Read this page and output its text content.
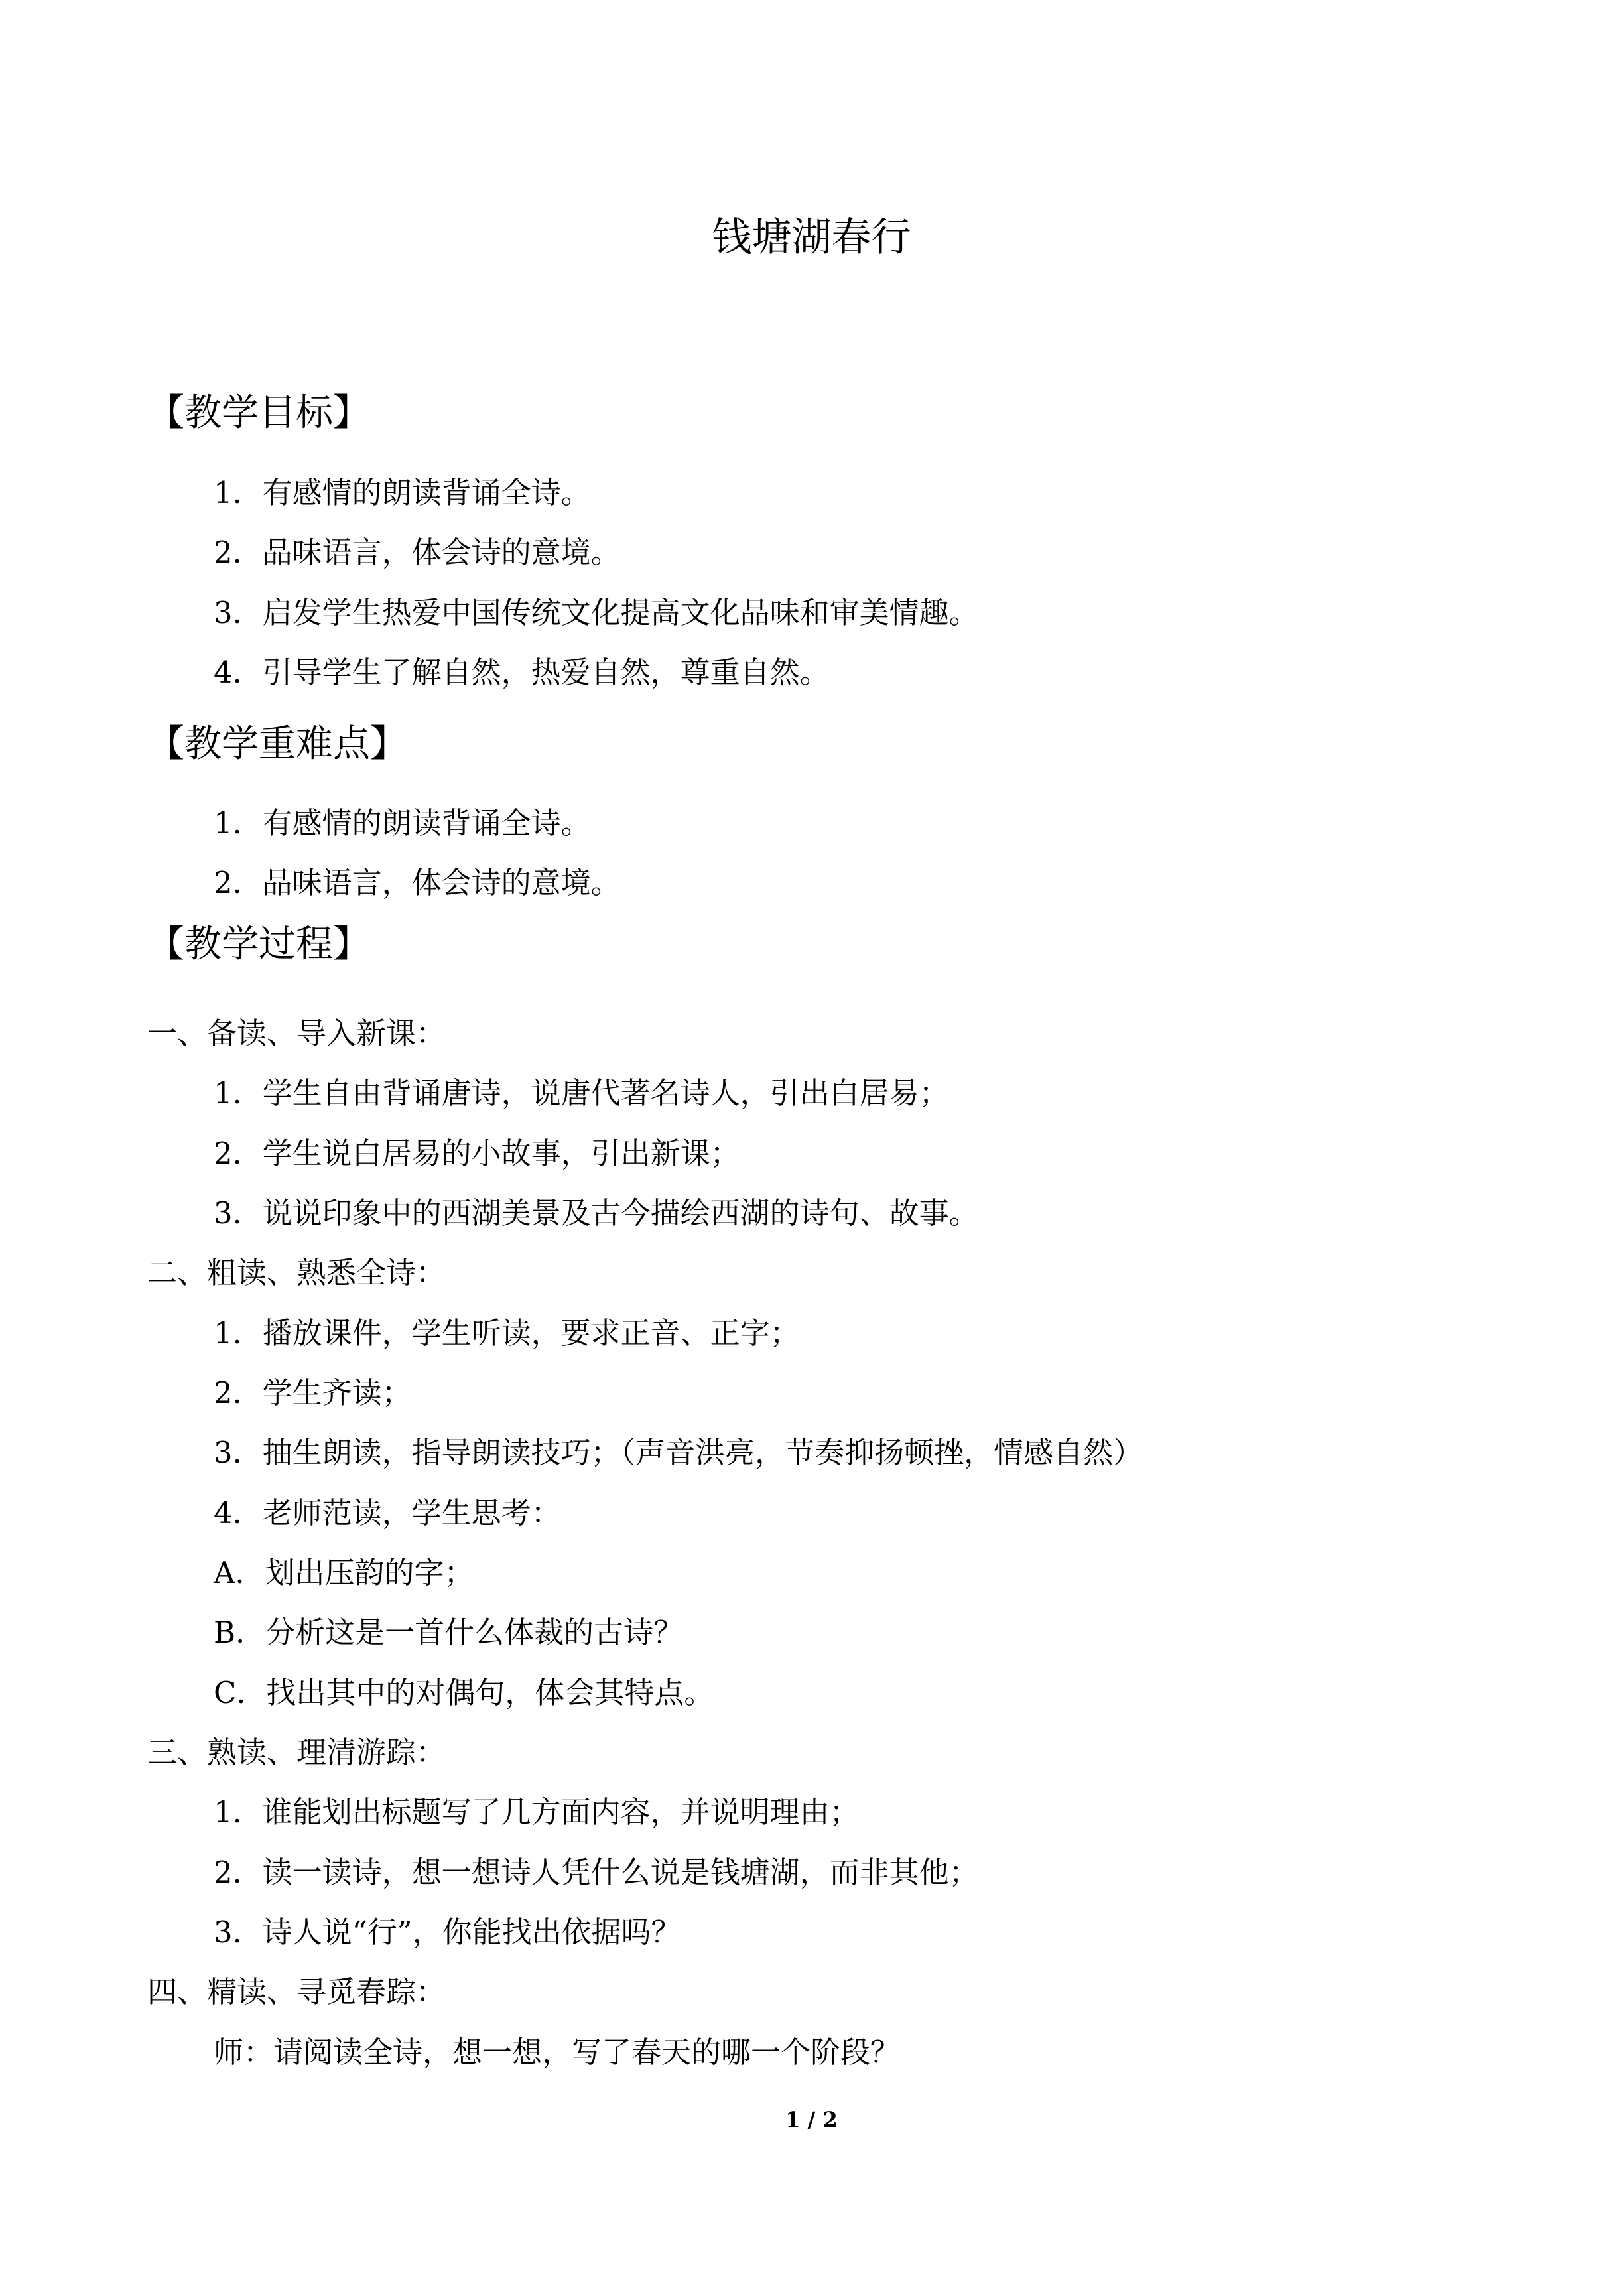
钱塘湖春行
【教学目标】
1．有感情的朗读背诵全诗。
2．品味语言，体会诗的意境。
3．启发学生热爱中国传统文化提高文化品味和审美情趣。
4．引导学生了解自然，热爱自然，尊重自然。
【教学重难点】
1．有感情的朗读背诵全诗。
2．品味语言，体会诗的意境。
【教学过程】
一、备读、导入新课：
1．学生自由背诵唐诗，说唐代著名诗人，引出白居易；
2．学生说白居易的小故事，引出新课；
3．说说印象中的西湖美景及古今描绘西湖的诗句、故事。
二、粗读、熟悉全诗：
1．播放课件，学生听读，要求正音、正字；
2．学生齐读；
3．抽生朗读，指导朗读技巧；（声音洪亮，节奏抑扬顿挫，情感自然）
4．老师范读，学生思考：
A．划出压韵的字；
B．分析这是一首什么体裁的古诗？
C．找出其中的对偶句，体会其特点。
三、熟读、理清游踪：
1．谁能划出标题写了几方面内容，并说明理由；
2．读一读诗，想一想诗人凭什么说是钱塘湖，而非其他；
3．诗人说“行”，你能找出依据吗？
四、精读、寻觅春踪：
师：请阅读全诗，想一想，写了春天的哪一个阶段？
1 / 2
